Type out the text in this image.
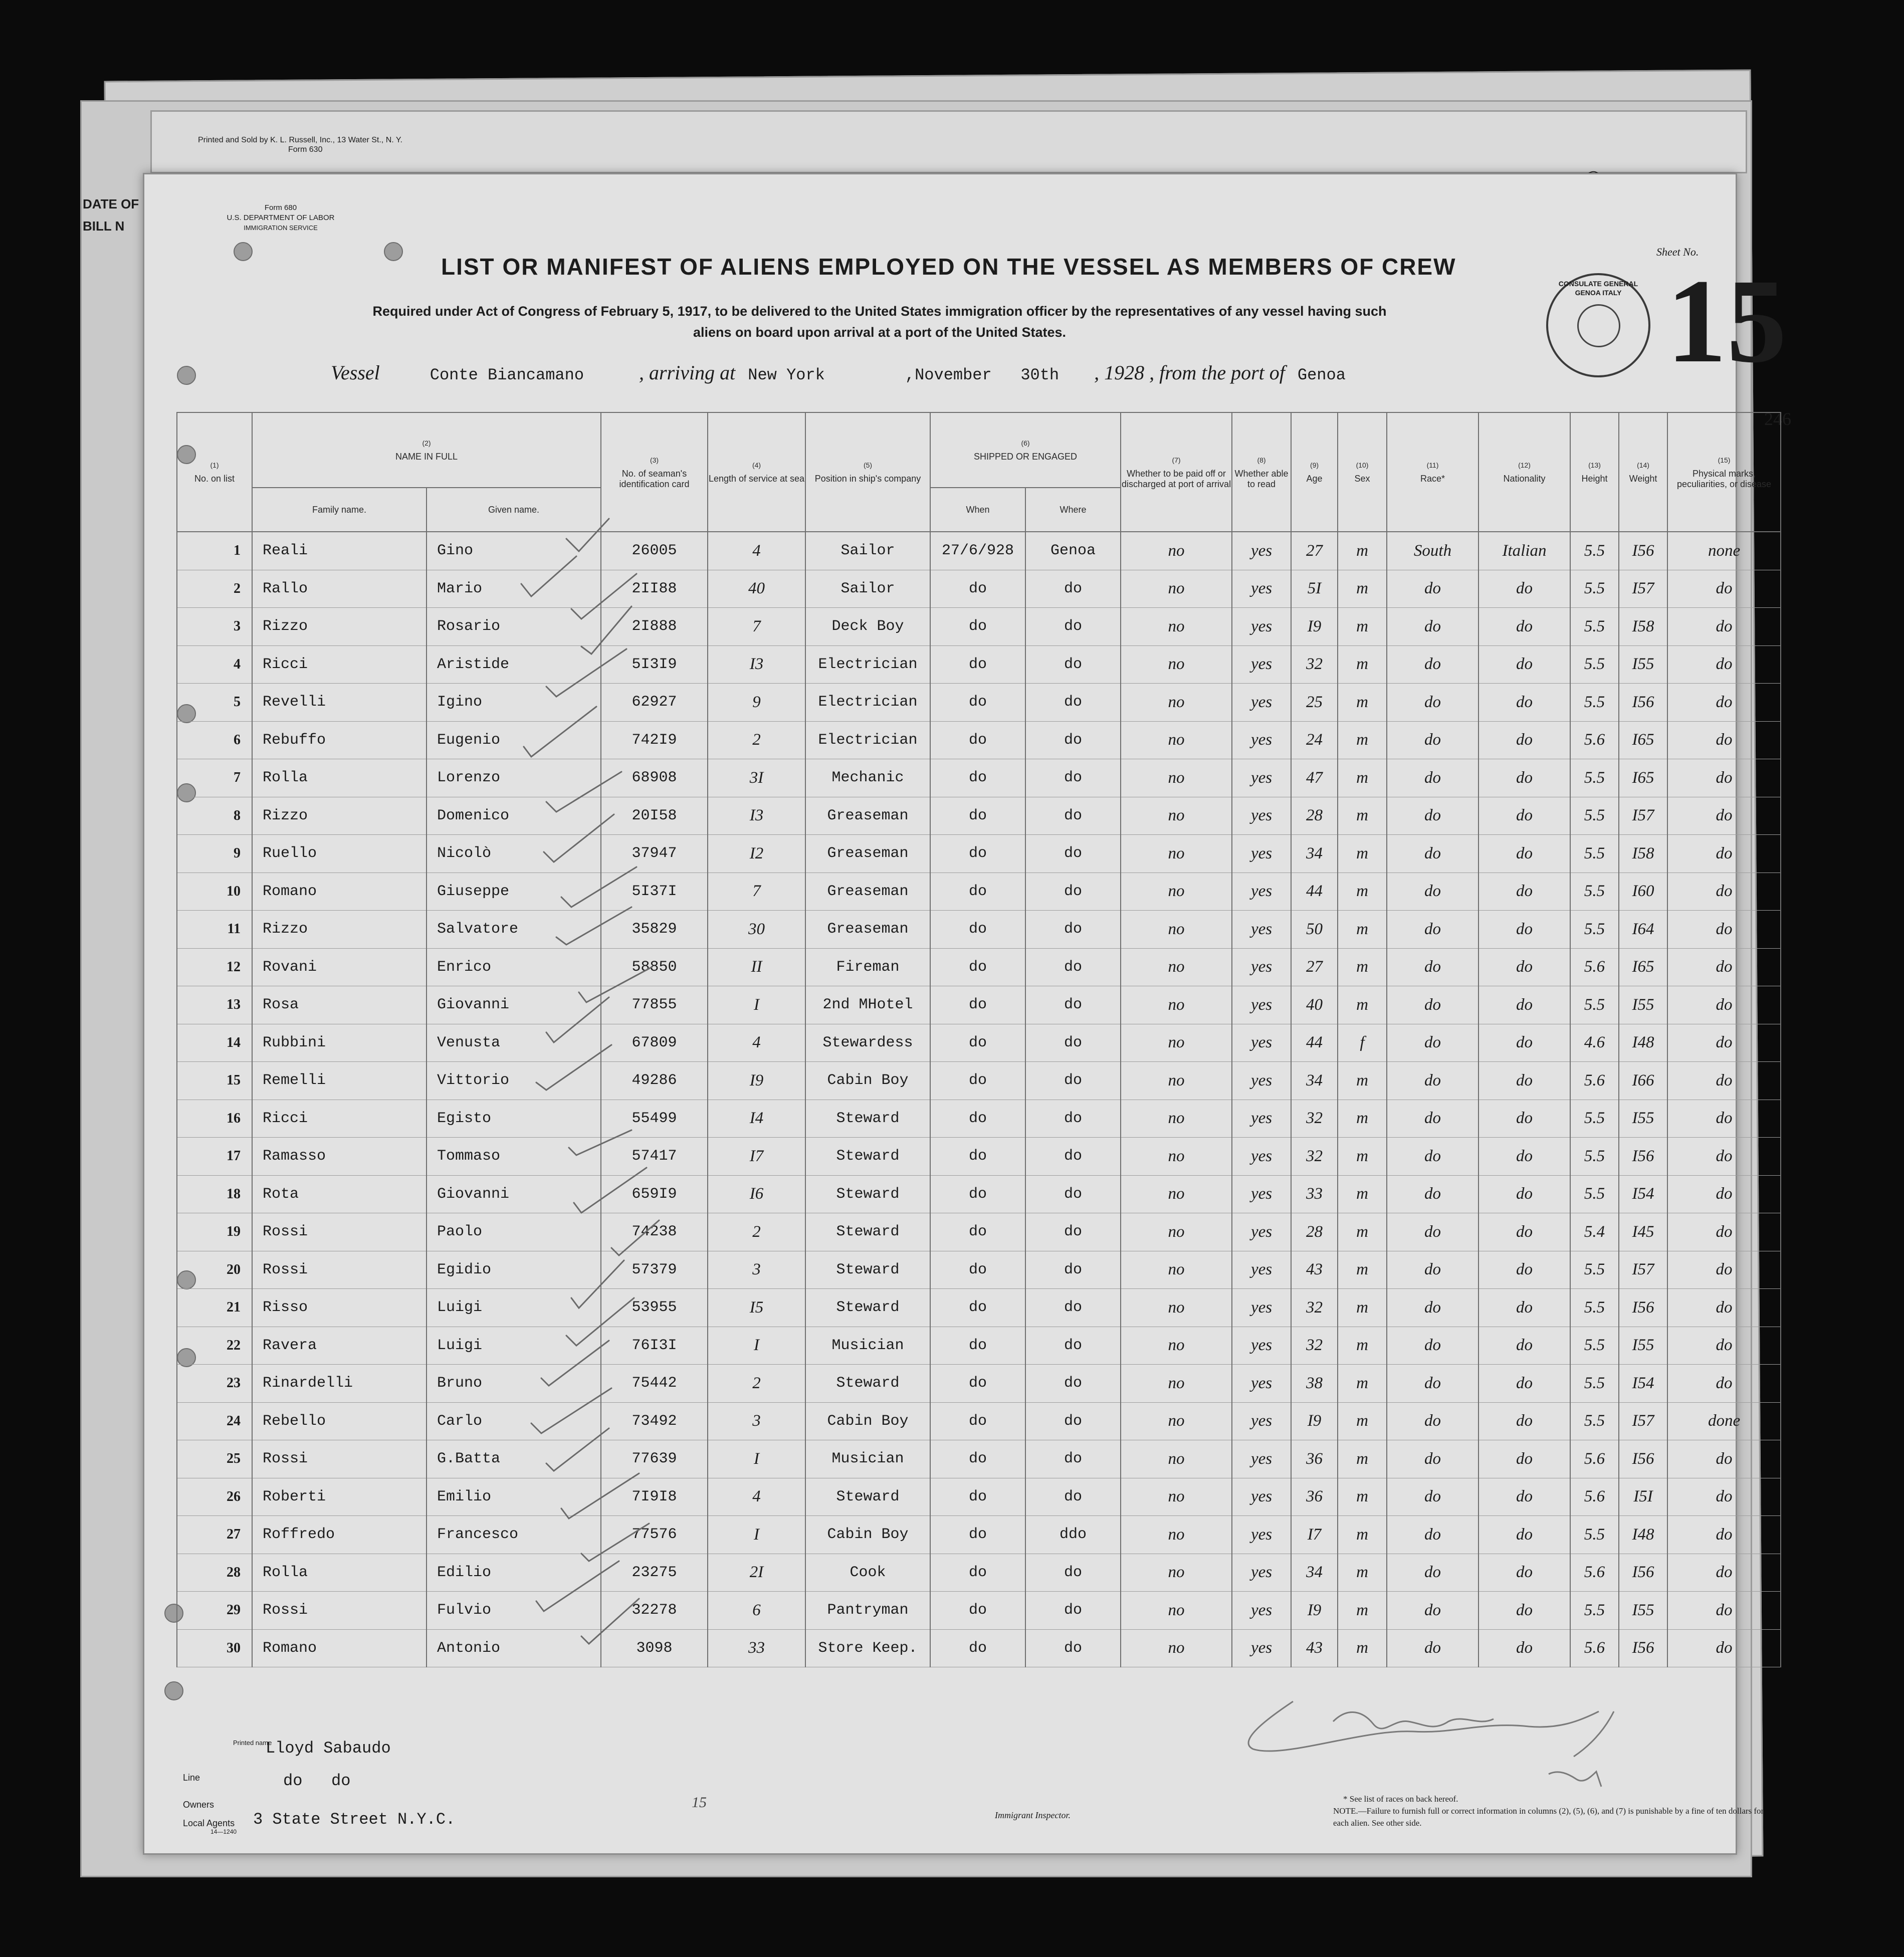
Printed and Sold by K. L. Russell, Inc., 13 Water St., N. Y.
Form 630
DATE OF
BILL N
Form 680
U.S. DEPARTMENT OF LABOR
IMMIGRATION SERVICE
LIST OR MANIFEST OF ALIENS EMPLOYED ON THE VESSEL AS MEMBERS OF CREW
Required under Act of Congress of February 5, 1917, to be delivered to the United States immigration officer by the representatives of any vessel having such aliens on board upon arrival at a port of the United States.
CONSULATE GENERAL GENOA ITALY
Sheet No.
15
246
Vessel	Conte Biancamano	, arriving at New York	,November   30th , 1928 , from the port of Genoa
(1)
No. on list	(2)
NAME IN FULL		(3)
No. of seaman's identification card	(4)
Length of service at sea	(5)
Position in ship's company	(6)
SHIPPED OR ENGAGED		(7)
Whether to be paid off or discharged at port of arrival	(8)
Whether able to read	(9)
Age	(10)
Sex	(11)
Race*	(12)
Nationality	(13)
Height	(14)
Weight	(15)
Physical marks, peculiarities, or disease	
	Family name.	Given name.				When	Where										
1	Reali	Gino	26005	4	Sailor	27/6/928	Genoa	no	yes	27	m	South	Italian	5.5	I56	none	
2	Rallo	Mario	2II88	40	Sailor	do	do	no	yes	5I	m	do	do	5.5	I57	do	
3	Rizzo	Rosario	2I888	7	Deck Boy	do	do	no	yes	I9	m	do	do	5.5	I58	do	
4	Ricci	Aristide	5I3I9	I3	Electrician	do	do	no	yes	32	m	do	do	5.5	I55	do	
5	Revelli	Igino	62927	9	Electrician	do	do	no	yes	25	m	do	do	5.5	I56	do	
6	Rebuffo	Eugenio	742I9	2	Electrician	do	do	no	yes	24	m	do	do	5.6	I65	do	
7	Rolla	Lorenzo	68908	3I	Mechanic	do	do	no	yes	47	m	do	do	5.5	I65	do	
8	Rizzo	Domenico	20I58	I3	Greaseman	do	do	no	yes	28	m	do	do	5.5	I57	do	
9	Ruello	Nicolò	37947	I2	Greaseman	do	do	no	yes	34	m	do	do	5.5	I58	do	
10	Romano	Giuseppe	5I37I	7	Greaseman	do	do	no	yes	44	m	do	do	5.5	I60	do	
11	Rizzo	Salvatore	35829	30	Greaseman	do	do	no	yes	50	m	do	do	5.5	I64	do	
12	Rovani	Enrico	58850	II	Fireman	do	do	no	yes	27	m	do	do	5.6	I65	do	
13	Rosa	Giovanni	77855	I	2nd MHotel	do	do	no	yes	40	m	do	do	5.5	I55	do	
14	Rubbini	Venusta	67809	4	Stewardess	do	do	no	yes	44	f	do	do	4.6	I48	do	
15	Remelli	Vittorio	49286	I9	Cabin Boy	do	do	no	yes	34	m	do	do	5.6	I66	do	
16	Ricci	Egisto	55499	I4	Steward	do	do	no	yes	32	m	do	do	5.5	I55	do	
17	Ramasso	Tommaso	57417	I7	Steward	do	do	no	yes	32	m	do	do	5.5	I56	do	
18	Rota	Giovanni	659I9	I6	Steward	do	do	no	yes	33	m	do	do	5.5	I54	do	
19	Rossi	Paolo	74238	2	Steward	do	do	no	yes	28	m	do	do	5.4	I45	do	
20	Rossi	Egidio	57379	3	Steward	do	do	no	yes	43	m	do	do	5.5	I57	do	
21	Risso	Luigi	53955	I5	Steward	do	do	no	yes	32	m	do	do	5.5	I56	do	
22	Ravera	Luigi	76I3I	I	Musician	do	do	no	yes	32	m	do	do	5.5	I55	do	
23	Rinardelli	Bruno	75442	2	Steward	do	do	no	yes	38	m	do	do	5.5	I54	do	
24	Rebello	Carlo	73492	3	Cabin Boy	do	do	no	yes	I9	m	do	do	5.5	I57	done	
25	Rossi	G.Batta	77639	I	Musician	do	do	no	yes	36	m	do	do	5.6	I56	do	
26	Roberti	Emilio	7I9I8	4	Steward	do	do	no	yes	36	m	do	do	5.6	I5I	do	
27	Roffredo	Francesco	77576	I	Cabin Boy	do	ddo	no	yes	I7	m	do	do	5.5	I48	do	
28	Rolla	Edilio	23275	2I	Cook	do	do	no	yes	34	m	do	do	5.6	I56	do	
29	Rossi	Fulvio	32278	6	Pantryman	do	do	no	yes	I9	m	do	do	5.5	I55	do	
30	Romano	Antonio	3098	33	Store Keep.	do	do	no	yes	43	m	do	do	5.6	I56	do	
Printed name
Line
Owners
Local Agents
14—1240
Lloyd Sabaudo
do   do
3 State Street N.Y.C.
15
Immigrant Inspector.
* See list of races on back hereof.
NOTE.—Failure to furnish full or correct information in columns (2), (5), (6), and (7) is punishable by a fine of ten dollars for each alien. See other side.
